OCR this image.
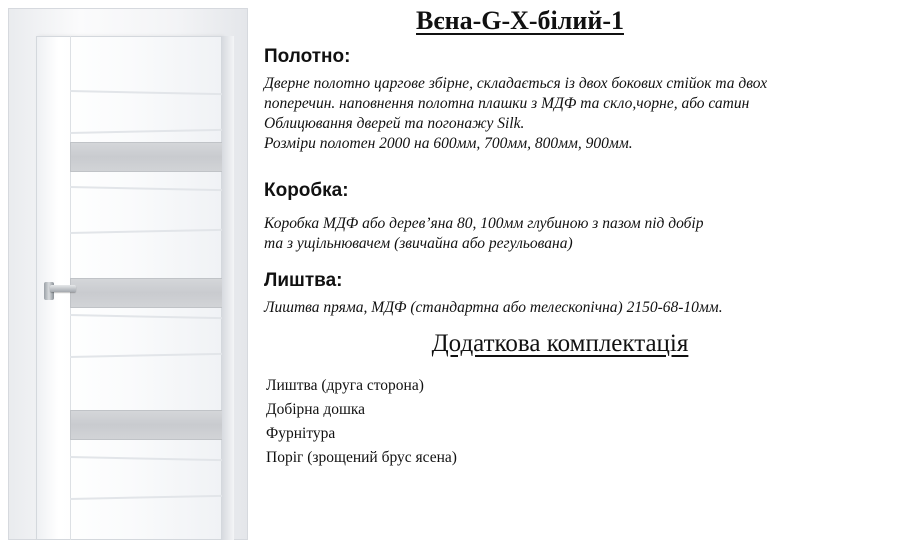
Вєна-G-X-білий-1
Полотно:
Дверне полотно царгове збірне, складається із двох бокових стійок та двох
поперечин. наповнення полотна плашки з МДФ та скло,чорне, або сатин
Облицювання дверей та погонажу Silk.
Розміри полотен 2000 на 600мм, 700мм, 800мм, 900мм.
Коробка:
Коробка МДФ або дерев’яна 80, 100мм глубиною з пазом під добір
та з ущільнювачем (звичайна або регульована)
Лиштва:
Лиштва пряма, МДФ (стандартна або телескопічна) 2150-68-10мм.
Додаткова комплектація
Лиштва (друга сторона)
Добірна дошка
Фурнітура
Поріг (зрощений брус ясена)
